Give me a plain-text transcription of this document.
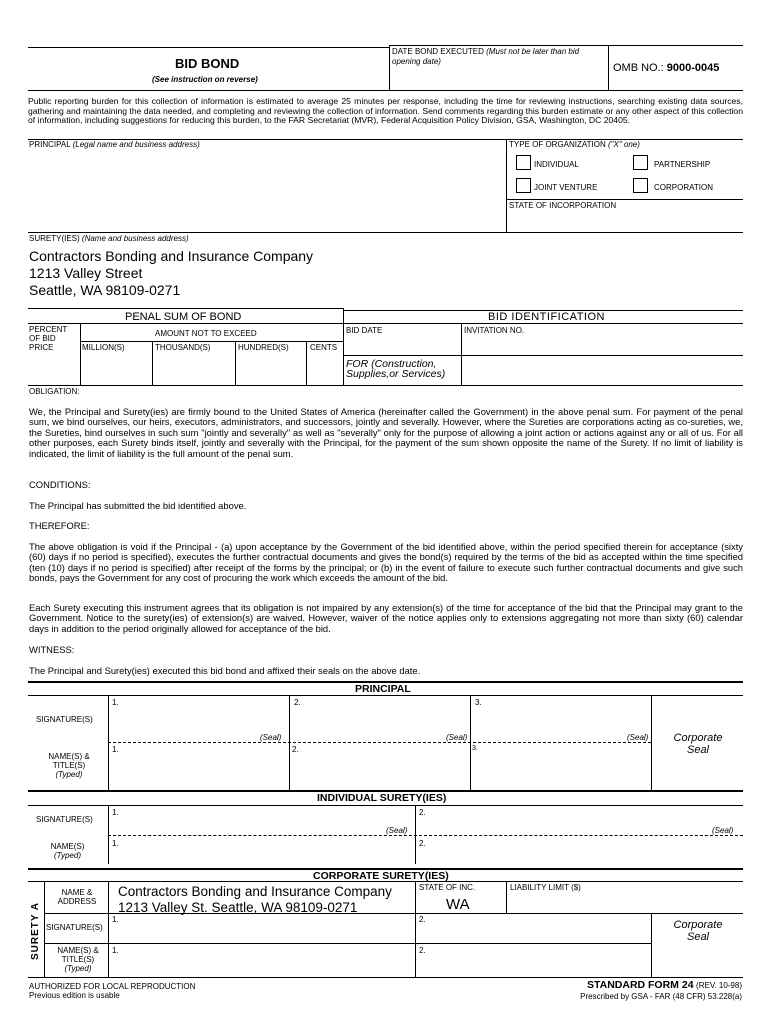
BID BOND
(See instruction on reverse)
DATE BOND EXECUTED (Must not be later than bid opening date)
OMB NO.: 9000-0045
Public reporting burden for this collection of information is estimated to average 25 minutes per response, including the time for reviewing instructions, searching existing data sources, gathering and maintaining the data needed, and completing and reviewing the collection of information. Send comments regarding this burden estimate or any other aspect of this collection of information, including suggestions for reducing this burden, to the FAR Secretariat (MVR), Federal Acquisition Policy Division, GSA, Washington, DC 20405.
PRINCIPAL (Legal name and business address)	TYPE OF ORGANIZATION ("X" one)
INDIVIDUAL	PARTNERSHIP
JOINT VENTURE	CORPORATION
STATE OF INCORPORATION
SURETY(IES) (Name and business address)
Contractors Bonding and Insurance Company
1213 Valley Street
Seattle, WA 98109-0271
PENAL SUM OF BOND	BID IDENTIFICATION
PERCENT OF BID PRICE
AMOUNT NOT TO EXCEED
MILLION(S)	THOUSAND(S)	HUNDRED(S)	CENTS
BID DATE	INVITATION NO.
FOR (Construction, Supplies,or Services)
OBLIGATION:
We, the Principal and Surety(ies) are firmly bound to the United States of America (hereinafter called the Government) in the above penal sum. For payment of the penal sum, we bind ourselves, our heirs, executors, administrators, and successors, jointly and severally. However, where the Sureties are corporations acting as co-sureties, we, the Sureties, bind ourselves in such sum "jointly and severally" as well as "severally" only for the purpose of allowing a joint action or actions against any or all of us. For all other purposes, each Surety binds itself, jointly and severally with the Principal, for the payment of the sum shown opposite the name of the Surety. If no limit of liability is indicated, the limit of liability is the full amount of the penal sum.
CONDITIONS:
The Principal has submitted the bid identified above.
THEREFORE:
The above obligation is void if the Principal - (a) upon acceptance by the Government of the bid identified above, within the period specified therein for acceptance (sixty (60) days if no period is specified), executes the further contractual documents and gives the bond(s) required by the terms of the bid as accepted within the time specified (ten (10) days if no period is specified) after receipt of the forms by the principal; or (b) in the event of failure to execute such further contractual documents and give such bonds, pays the Government for any cost of procuring the work which exceeds the amount of the bid.
Each Surety executing this instrument agrees that its obligation is not impaired by any extension(s) of the time for acceptance of the bid that the Principal may grant to the Government. Notice to the surety(ies) of extension(s) are waived. However, waiver of the notice applies only to extensions aggregating not more than sixty (60) calendar days in addition to the period originally allowed for acceptance of the bid.
WITNESS:
The Principal and Surety(ies) executed this bid bond and affixed their seals on the above date.
PRINCIPAL
SIGNATURE(S)
1.	2.	3.
(Seal)	(Seal)	(Seal)
NAME(S) & TITLE(S)
(Typed)
1.	2.	3.
Corporate
Seal
INDIVIDUAL SURETY(IES)
SIGNATURE(S)
1.	2.
(Seal)	(Seal)
NAME(S)
(Typed)
1.	2.
CORPORATE SURETY(IES)
SURETY A
NAME & ADDRESS
Contractors Bonding and Insurance Company
1213 Valley St. Seattle, WA 98109-0271
STATE OF INC.
WA
LIABILITY LIMIT ($)
SIGNATURE(S)
1.	2.
NAME(S) & TITLE(S)
(Typed)
1.	2.
Corporate
Seal
AUTHORIZED FOR LOCAL REPRODUCTION
Previous edition is usable
STANDARD FORM 24 (REV. 10-98)
Prescribed by GSA - FAR (48 CFR) 53.228(a)
